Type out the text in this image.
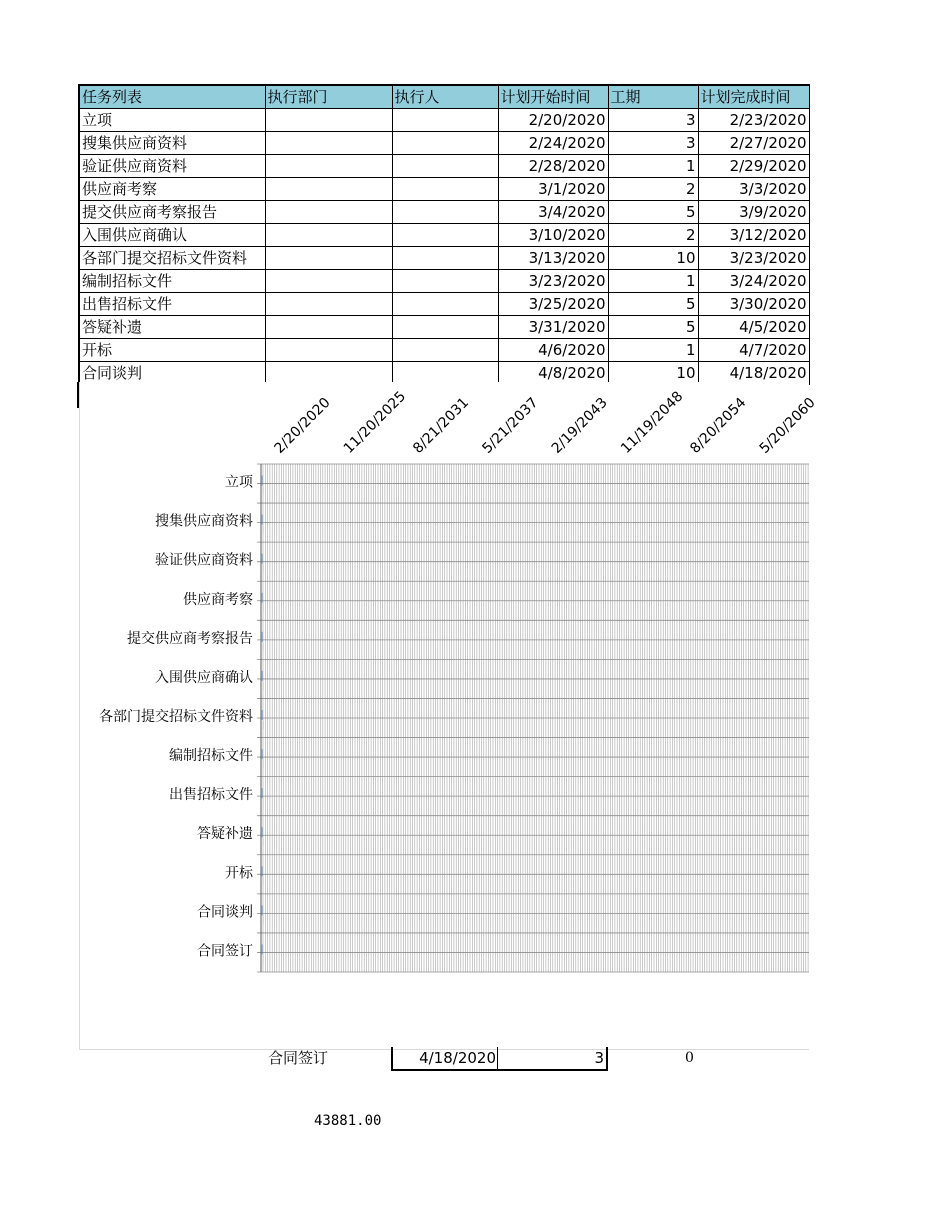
任务列表	执行部门	执行人	计划开始时间	工期	计划完成时间
立项			2/20/2020	3	2/23/2020
搜集供应商资料			2/24/2020	3	2/27/2020
验证供应商资料			2/28/2020	1	2/29/2020
供应商考察			3/1/2020	2	3/3/2020
提交供应商考察报告			3/4/2020	5	3/9/2020
入围供应商确认			3/10/2020	2	3/12/2020
各部门提交招标文件资料			3/13/2020	10	3/23/2020
编制招标文件			3/23/2020	1	3/24/2020
出售招标文件			3/25/2020	5	3/30/2020
答疑补遗			3/31/2020	5	4/5/2020
开标			4/6/2020	1	4/7/2020
合同谈判			4/8/2020	10	4/18/2020
立项
搜集供应商资料
验证供应商资料
供应商考察
提交供应商考察报告
入围供应商确认
各部门提交招标文件资料
编制招标文件
出售招标文件
答疑补遗
开标
合同谈判
合同签订
2/20/2020 11/20/2025 8/21/2031 5/21/2037 2/19/2043 11/19/2048 8/20/2054 5/20/2060
合同签订	4/18/2020	3	0
43881.00
